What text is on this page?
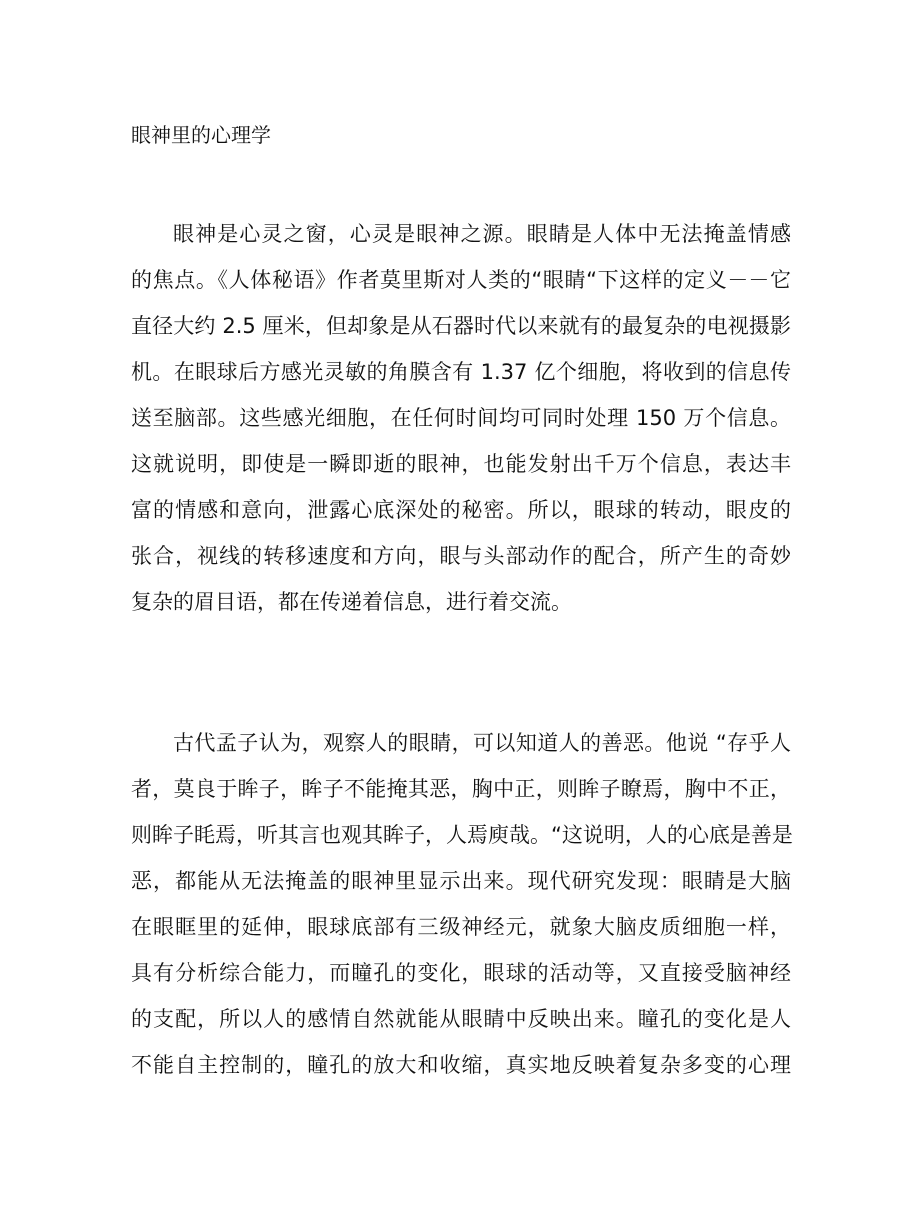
眼神里的心理学
眼神是心灵之窗，心灵是眼神之源。眼睛是人体中无法掩盖情感
的焦点。《人体秘语》作者莫里斯对人类的“眼睛“下这样的定义－－它
直径大约 2.5 厘米，但却象是从石器时代以来就有的最复杂的电视摄影
机。在眼球后方感光灵敏的角膜含有 1.37 亿个细胞，将收到的信息传
送至脑部。这些感光细胞，在任何时间均可同时处理 150 万个信息。
这就说明，即使是一瞬即逝的眼神，也能发射出千万个信息，表达丰
富的情感和意向，泄露心底深处的秘密。所以，眼球的转动，眼皮的
张合，视线的转移速度和方向，眼与头部动作的配合，所产生的奇妙
复杂的眉目语，都在传递着信息，进行着交流。
古代孟子认为，观察人的眼睛，可以知道人的善恶。他说 “存乎人
者，莫良于眸子，眸子不能掩其恶，胸中正，则眸子瞭焉，胸中不正，
则眸子眊焉，听其言也观其眸子，人焉庾哉。“这说明，人的心底是善是
恶，都能从无法掩盖的眼神里显示出来。现代研究发现：眼睛是大脑
在眼眶里的延伸，眼球底部有三级神经元，就象大脑皮质细胞一样，
具有分析综合能力，而瞳孔的变化，眼球的活动等，又直接受脑神经
的支配，所以人的感情自然就能从眼睛中反映出来。瞳孔的变化是人
不能自主控制的，瞳孔的放大和收缩，真实地反映着复杂多变的心理
